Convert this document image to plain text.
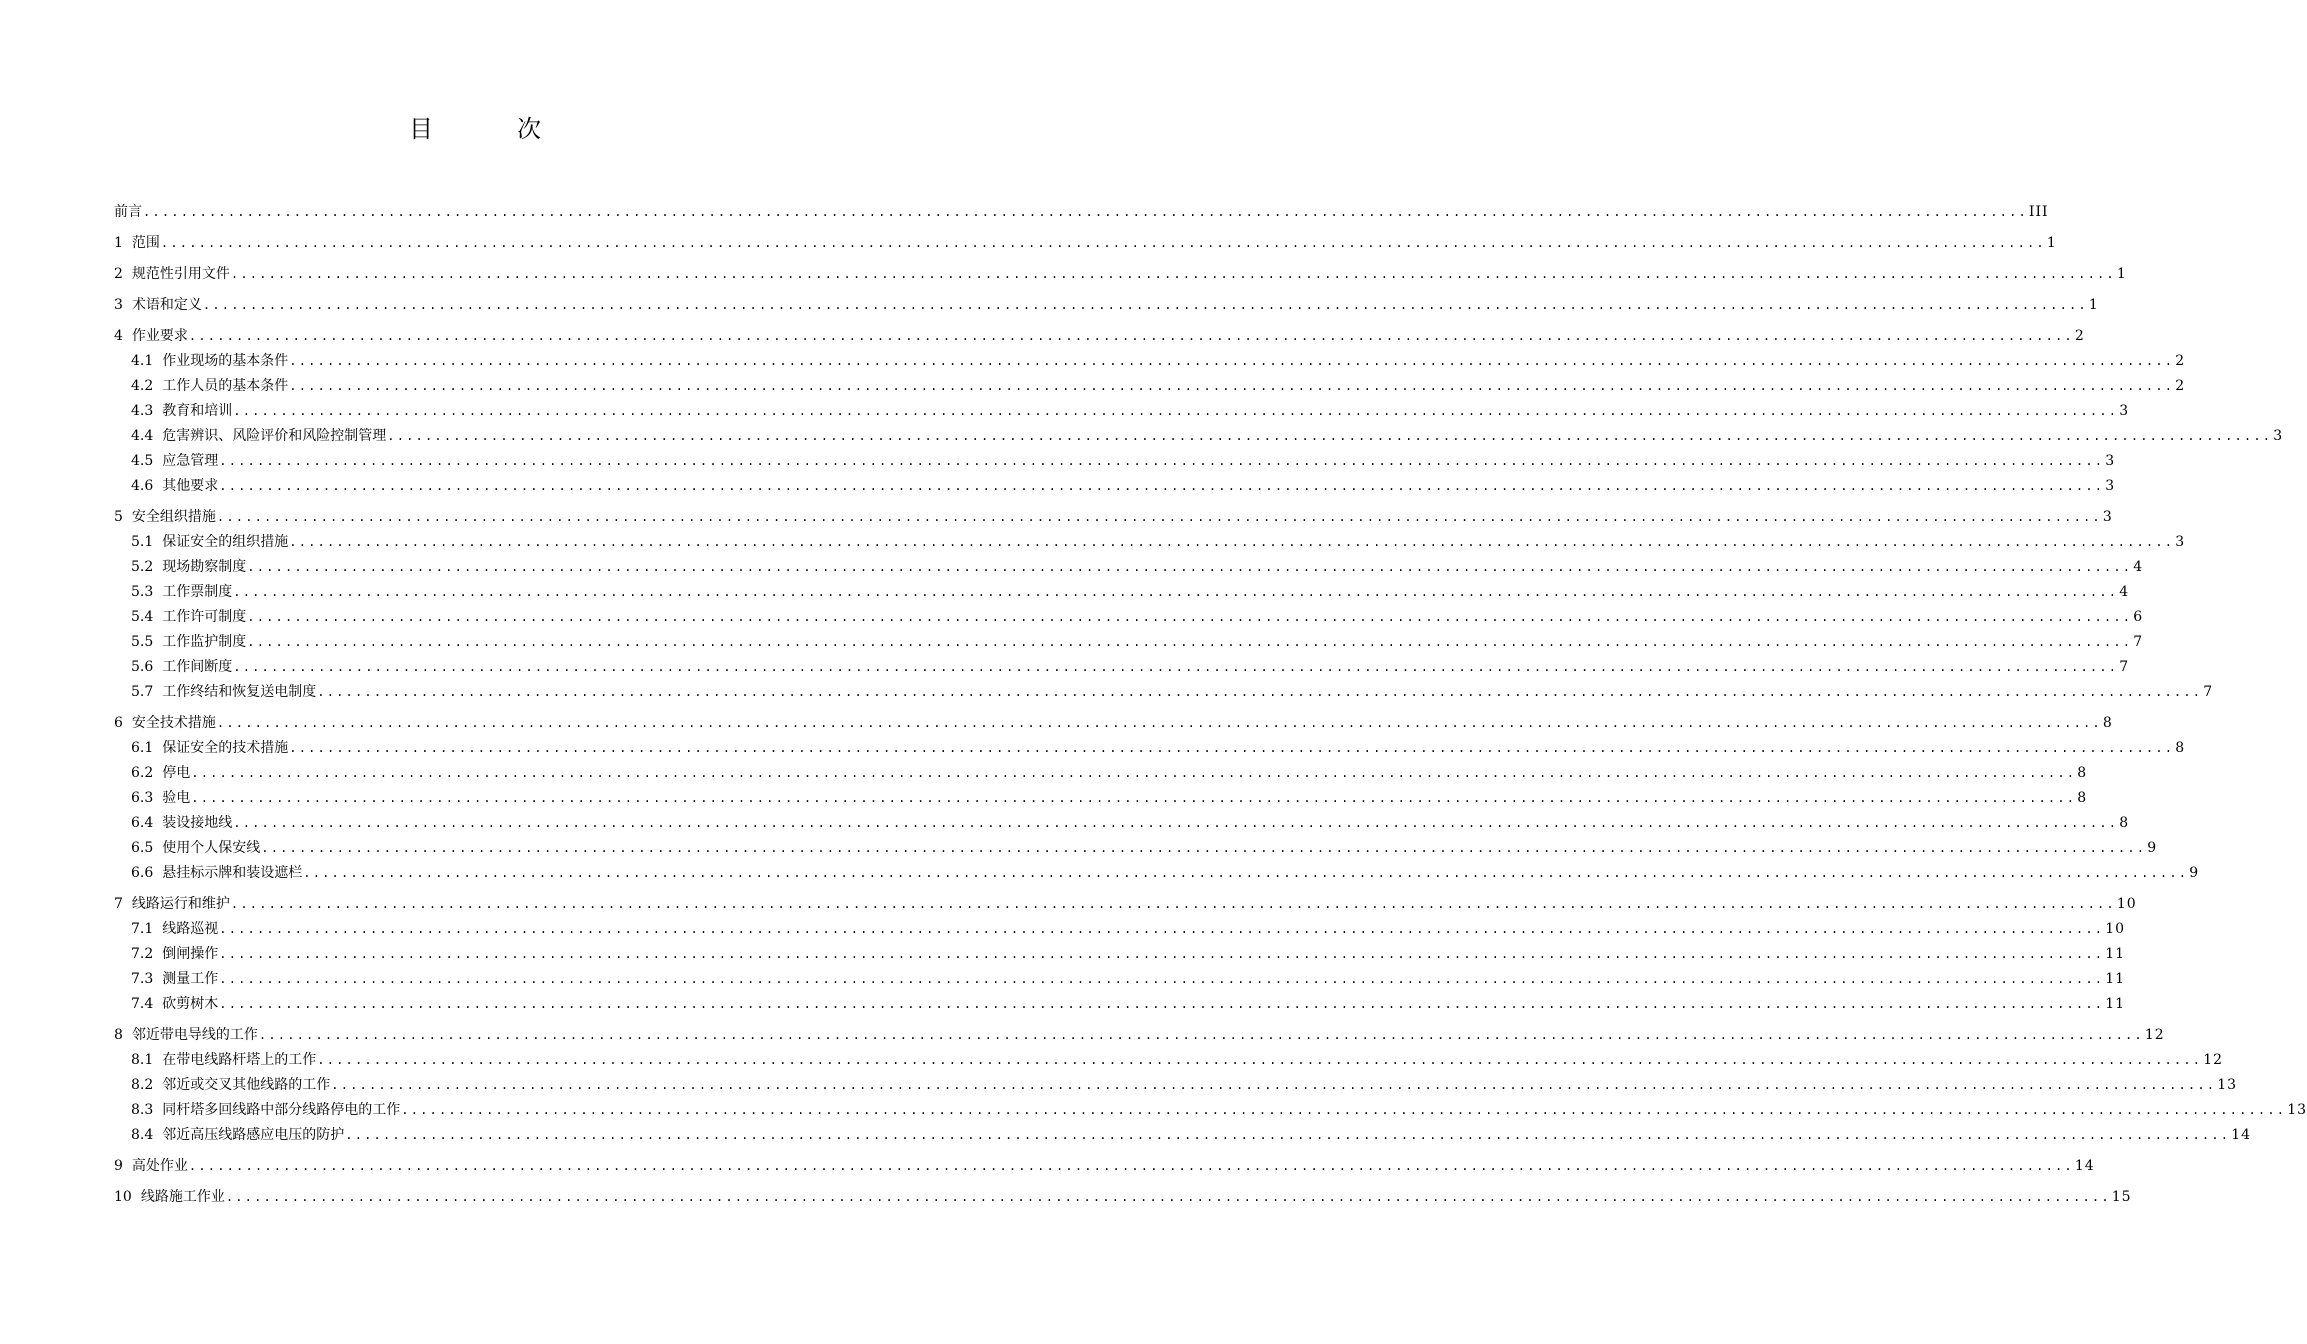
目　次
前言 ........................................................................................................................................................................................................ III
1 范围 ........................................................................................................................................................................................................ 1
2 规范性引用文件 ........................................................................................................................................................................................................ 1
3 术语和定义 ........................................................................................................................................................................................................ 1
4 作业要求 ........................................................................................................................................................................................................ 2
4.1 作业现场的基本条件 ........................................................................................................................................................................................................ 2
4.2 工作人员的基本条件 ........................................................................................................................................................................................................ 2
4.3 教育和培训 ........................................................................................................................................................................................................ 3
4.4 危害辨识、风险评价和风险控制管理 ........................................................................................................................................................................................................ 3
4.5 应急管理 ........................................................................................................................................................................................................ 3
4.6 其他要求 ........................................................................................................................................................................................................ 3
5 安全组织措施 ........................................................................................................................................................................................................ 3
5.1 保证安全的组织措施 ........................................................................................................................................................................................................ 3
5.2 现场勘察制度 ........................................................................................................................................................................................................ 4
5.3 工作票制度 ........................................................................................................................................................................................................ 4
5.4 工作许可制度 ........................................................................................................................................................................................................ 6
5.5 工作监护制度 ........................................................................................................................................................................................................ 7
5.6 工作间断度 ........................................................................................................................................................................................................ 7
5.7 工作终结和恢复送电制度 ........................................................................................................................................................................................................ 7
6 安全技术措施 ........................................................................................................................................................................................................ 8
6.1 保证安全的技术措施 ........................................................................................................................................................................................................ 8
6.2 停电 ........................................................................................................................................................................................................ 8
6.3 验电 ........................................................................................................................................................................................................ 8
6.4 装设接地线 ........................................................................................................................................................................................................ 8
6.5 使用个人保安线 ........................................................................................................................................................................................................ 9
6.6 悬挂标示牌和装设遮栏 ........................................................................................................................................................................................................ 9
7 线路运行和维护 ........................................................................................................................................................................................................ 10
7.1 线路巡视 ........................................................................................................................................................................................................ 10
7.2 倒闸操作 ........................................................................................................................................................................................................ 11
7.3 测量工作 ........................................................................................................................................................................................................ 11
7.4 砍剪树木 ........................................................................................................................................................................................................ 11
8 邻近带电导线的工作 ........................................................................................................................................................................................................ 12
8.1 在带电线路杆塔上的工作 ........................................................................................................................................................................................................ 12
8.2 邻近或交叉其他线路的工作 ........................................................................................................................................................................................................ 13
8.3 同杆塔多回线路中部分线路停电的工作 ........................................................................................................................................................................................................ 13
8.4 邻近高压线路感应电压的防护 ........................................................................................................................................................................................................ 14
9 高处作业 ........................................................................................................................................................................................................ 14
10 线路施工作业 ........................................................................................................................................................................................................ 15
